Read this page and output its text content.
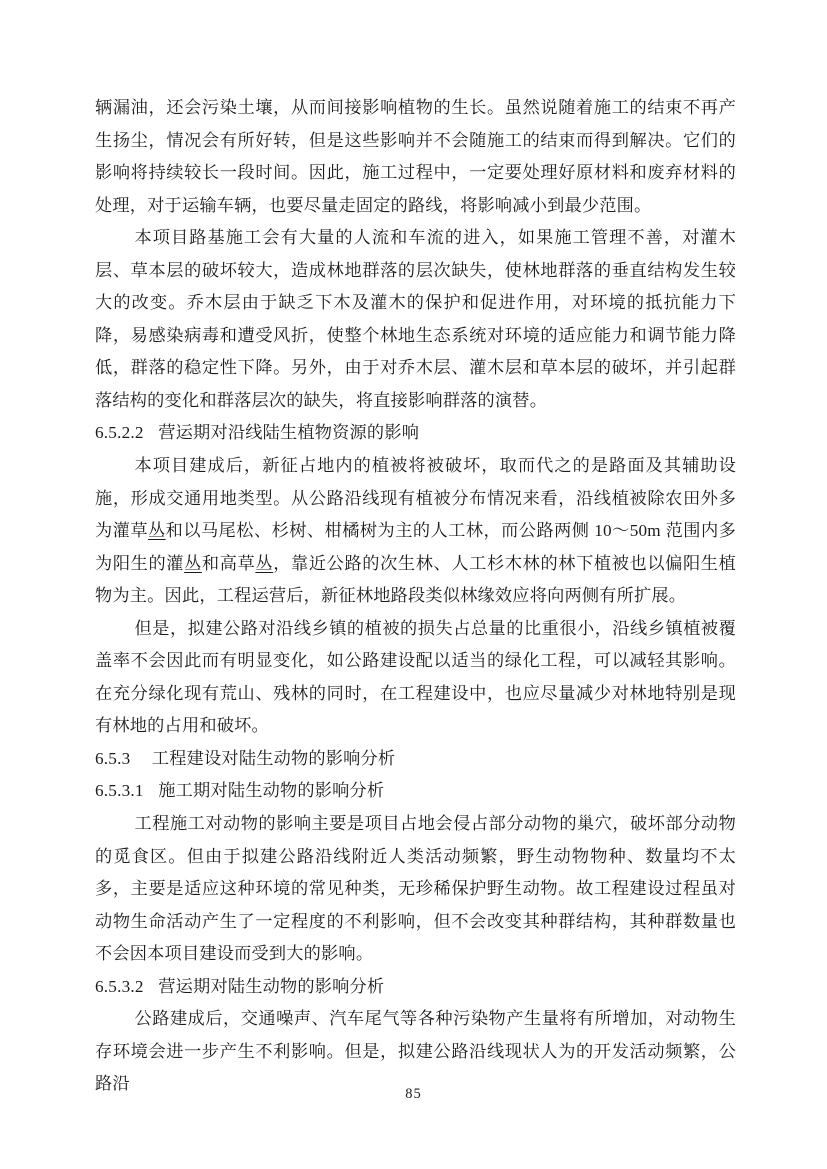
辆漏油，还会污染土壤，从而间接影响植物的生长。虽然说随着施工的结束不再产生扬尘，情况会有所好转，但是这些影响并不会随施工的结束而得到解决。它们的影响将持续较长一段时间。因此，施工过程中，一定要处理好原材料和废弃材料的处理，对于运输车辆，也要尽量走固定的路线，将影响减小到最少范围。

本项目路基施工会有大量的人流和车流的进入，如果施工管理不善，对灌木层、草本层的破坏较大，造成林地群落的层次缺失，使林地群落的垂直结构发生较大的改变。乔木层由于缺乏下木及灌木的保护和促进作用，对环境的抵抗能力下降，易感染病毒和遭受风折，使整个林地生态系统对环境的适应能力和调节能力降低，群落的稳定性下降。另外，由于对乔木层、灌木层和草本层的破坏，并引起群落结构的变化和群落层次的缺失，将直接影响群落的演替。

6.5.2.2 营运期对沿线陆生植物资源的影响

本项目建成后，新征占地内的植被将被破坏，取而代之的是路面及其辅助设施，形成交通用地类型。从公路沿线现有植被分布情况来看，沿线植被除农田外多为灌草丛和以马尾松、杉树、柑橘树为主的人工林，而公路两侧 10～50m 范围内多为阳生的灌丛和高草丛，靠近公路的次生林、人工杉木林的林下植被也以偏阳生植物为主。因此，工程运营后，新征林地路段类似林缘效应将向两侧有所扩展。

但是，拟建公路对沿线乡镇的植被的损失占总量的比重很小，沿线乡镇植被覆盖率不会因此而有明显变化，如公路建设配以适当的绿化工程，可以减轻其影响。在充分绿化现有荒山、残林的同时，在工程建设中，也应尽量减少对林地特别是现有林地的占用和破坏。

6.5.3 工程建设对陆生动物的影响分析

6.5.3.1 施工期对陆生动物的影响分析

工程施工对动物的影响主要是项目占地会侵占部分动物的巢穴，破坏部分动物的觅食区。但由于拟建公路沿线附近人类活动频繁，野生动物物种、数量均不太多，主要是适应这种环境的常见种类，无珍稀保护野生动物。故工程建设过程虽对动物生命活动产生了一定程度的不利影响，但不会改变其种群结构，其种群数量也不会因本项目建设而受到大的影响。

6.5.3.2 营运期对陆生动物的影响分析

公路建成后，交通噪声、汽车尾气等各种污染物产生量将有所增加，对动物生存环境会进一步产生不利影响。但是，拟建公路沿线现状人为的开发活动频繁，公路沿

85
